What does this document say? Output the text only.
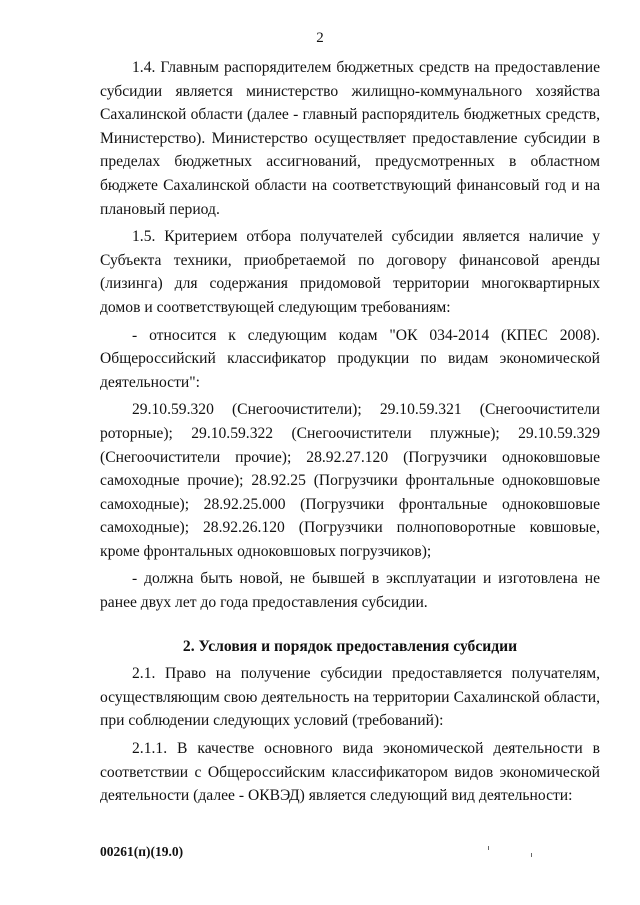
2

1.4. Главным распорядителем бюджетных средств на предоставление субсидии является министерство жилищно-коммунального хозяйства Сахалинской области (далее - главный распорядитель бюджетных средств, Министерство). Министерство осуществляет предоставление субсидии в пределах бюджетных ассигнований, предусмотренных в областном бюджете Сахалинской области на соответствующий финансовый год и на плановый период.

1.5. Критерием отбора получателей субсидии является наличие у Субъекта техники, приобретаемой по договору финансовой аренды (лизинга) для содержания придомовой территории многоквартирных домов и соответствующей следующим требованиям:

- относится к следующим кодам "ОК 034-2014 (КПЕС 2008). Общероссийский классификатор продукции по видам экономической деятельности":

29.10.59.320 (Снегоочистители); 29.10.59.321 (Снегоочистители роторные); 29.10.59.322 (Снегоочистители плужные); 29.10.59.329 (Снегоочистители прочие); 28.92.27.120 (Погрузчики одноковшовые самоходные прочие); 28.92.25 (Погрузчики фронтальные одноковшовые самоходные); 28.92.25.000 (Погрузчики фронтальные одноковшовые самоходные); 28.92.26.120 (Погрузчики полноповоротные ковшовые, кроме фронтальных одноковшовых погрузчиков);

- должна быть новой, не бывшей в эксплуатации и изготовлена не ранее двух лет до года предоставления субсидии.

2. Условия и порядок предоставления субсидии

2.1. Право на получение субсидии предоставляется получателям, осуществляющим свою деятельность на территории Сахалинской области, при соблюдении следующих условий (требований):

2.1.1. В качестве основного вида экономической деятельности в соответствии с Общероссийским классификатором видов экономической деятельности (далее - ОКВЭД) является следующий вид деятельности:

00261(п)(19.0)
